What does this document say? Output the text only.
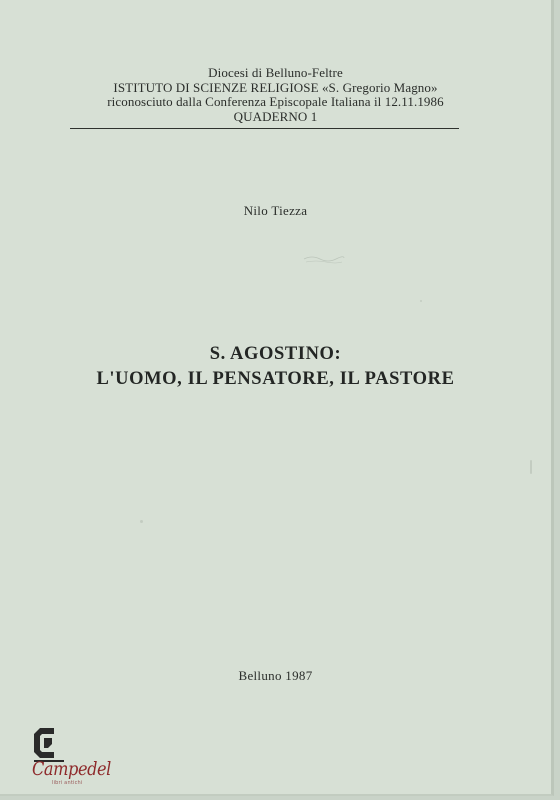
Diocesi di Belluno-Feltre
ISTITUTO DI SCIENZE RELIGIOSE «S. Gregorio Magno»
riconosciuto dalla Conferenza Episcopale Italiana il 12.11.1986
QUADERNO 1
Nilo Tiezza
S. AGOSTINO:
L'UOMO, IL PENSATORE, IL PASTORE
Belluno 1987
Campedel
libri antichi
